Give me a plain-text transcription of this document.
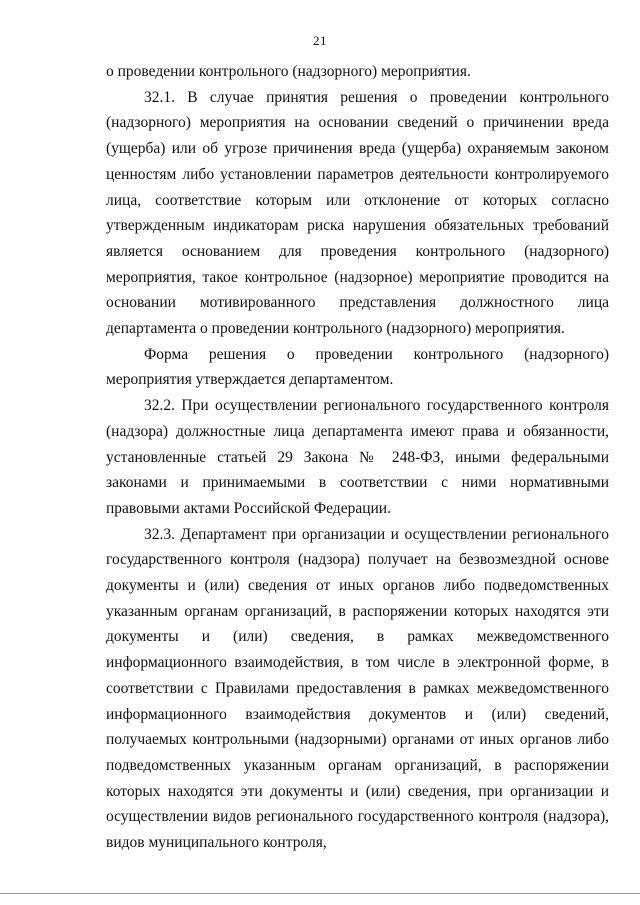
21

о проведении контрольного (надзорного) мероприятия.

32.1. В случае принятия решения о проведении контрольного (надзорного) мероприятия на основании сведений о причинении вреда (ущерба) или об угрозе причинения вреда (ущерба) охраняемым законом ценностям либо установлении параметров деятельности контролируемого лица, соответствие которым или отклонение от которых согласно утвержденным индикаторам риска нарушения обязательных требований является основанием для проведения контрольного (надзорного) мероприятия, такое контрольное (надзорное) мероприятие проводится на основании мотивированного представления должностного лица департамента о проведении контрольного (надзорного) мероприятия.

Форма решения о проведении контрольного (надзорного) мероприятия утверждается департаментом.

32.2. При осуществлении регионального государственного контроля (надзора) должностные лица департамента имеют права и обязанности, установленные статьей 29 Закона № 248-ФЗ, иными федеральными законами и принимаемыми в соответствии с ними нормативными правовыми актами Российской Федерации.

32.3. Департамент при организации и осуществлении регионального государственного контроля (надзора) получает на безвозмездной основе документы и (или) сведения от иных органов либо подведомственных указанным органам организаций, в распоряжении которых находятся эти документы и (или) сведения, в рамках межведомственного информационного взаимодействия, в том числе в электронной форме, в соответствии с Правилами предоставления в рамках межведомственного информационного взаимодействия документов и (или) сведений, получаемых контрольными (надзорными) органами от иных органов либо подведомственных указанным органам организаций, в распоряжении которых находятся эти документы и (или) сведения, при организации и осуществлении видов регионального государственного контроля (надзора), видов муниципального контроля,
